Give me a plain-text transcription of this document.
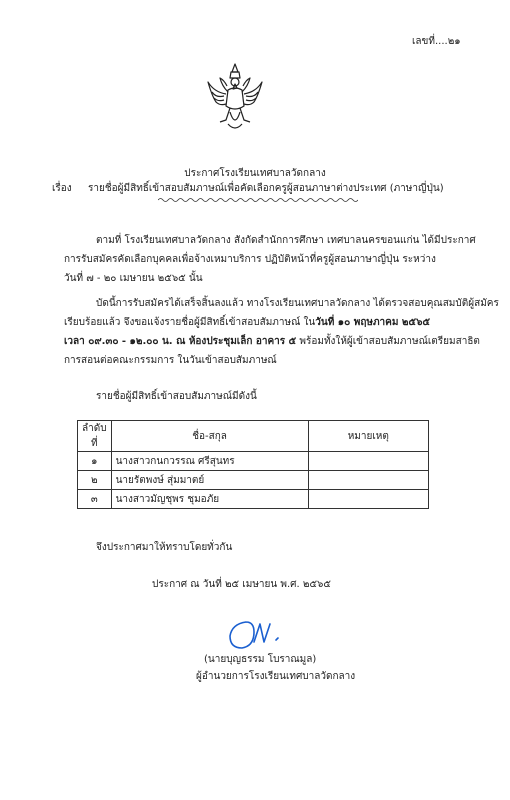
เลขที่....๒๑
ประกาศโรงเรียนเทศบาลวัดกลาง
เรื่อง รายชื่อผู้มีสิทธิ์เข้าสอบสัมภาษณ์เพื่อคัดเลือกครูผู้สอนภาษาต่างประเทศ (ภาษาญี่ปุ่น)
ตามที่ โรงเรียนเทศบาลวัดกลาง สังกัดสำนักการศึกษา เทศบาลนครขอนแก่น ได้มีประกาศ
การรับสมัครคัดเลือกบุคคลเพื่อจ้างเหมาบริการ ปฏิบัติหน้าที่ครูผู้สอนภาษาญี่ปุ่น ระหว่าง
วันที่ ๗ - ๒๐ เมษายน ๒๕๖๕ นั้น
บัดนี้การรับสมัครได้เสร็จสิ้นลงแล้ว ทางโรงเรียนเทศบาลวัดกลาง ได้ตรวจสอบคุณสมบัติผู้สมัคร
เรียบร้อยแล้ว จึงขอแจ้งรายชื่อผู้มีสิทธิ์เข้าสอบสัมภาษณ์ ในวันที่ ๑๐ พฤษภาคม ๒๕๖๕
เวลา ๐๙.๓๐ - ๑๒.๐๐ น. ณ ห้องประชุมเล็ก อาคาร ๕ พร้อมทั้งให้ผู้เข้าสอบสัมภาษณ์เตรียมสาธิต
การสอนต่อคณะกรรมการ ในวันเข้าสอบสัมภาษณ์
รายชื่อผู้มีสิทธิ์เข้าสอบสัมภาษณ์มีดังนี้
ลำดับที่	ชื่อ-สกุล	หมายเหตุ
๑	นางสาวกนกวรรณ ศรีสุนทร	
๒	นายรัตพงษ์ สุ่มมาตย์	
๓	นางสาวมัญชุพร ชุมอภัย	
จึงประกาศมาให้ทราบโดยทั่วกัน
ประกาศ ณ วันที่ ๒๕ เมษายน พ.ศ. ๒๕๖๕
(นายบุญธรรม โบราณมูล)
ผู้อำนวยการโรงเรียนเทศบาลวัดกลาง
